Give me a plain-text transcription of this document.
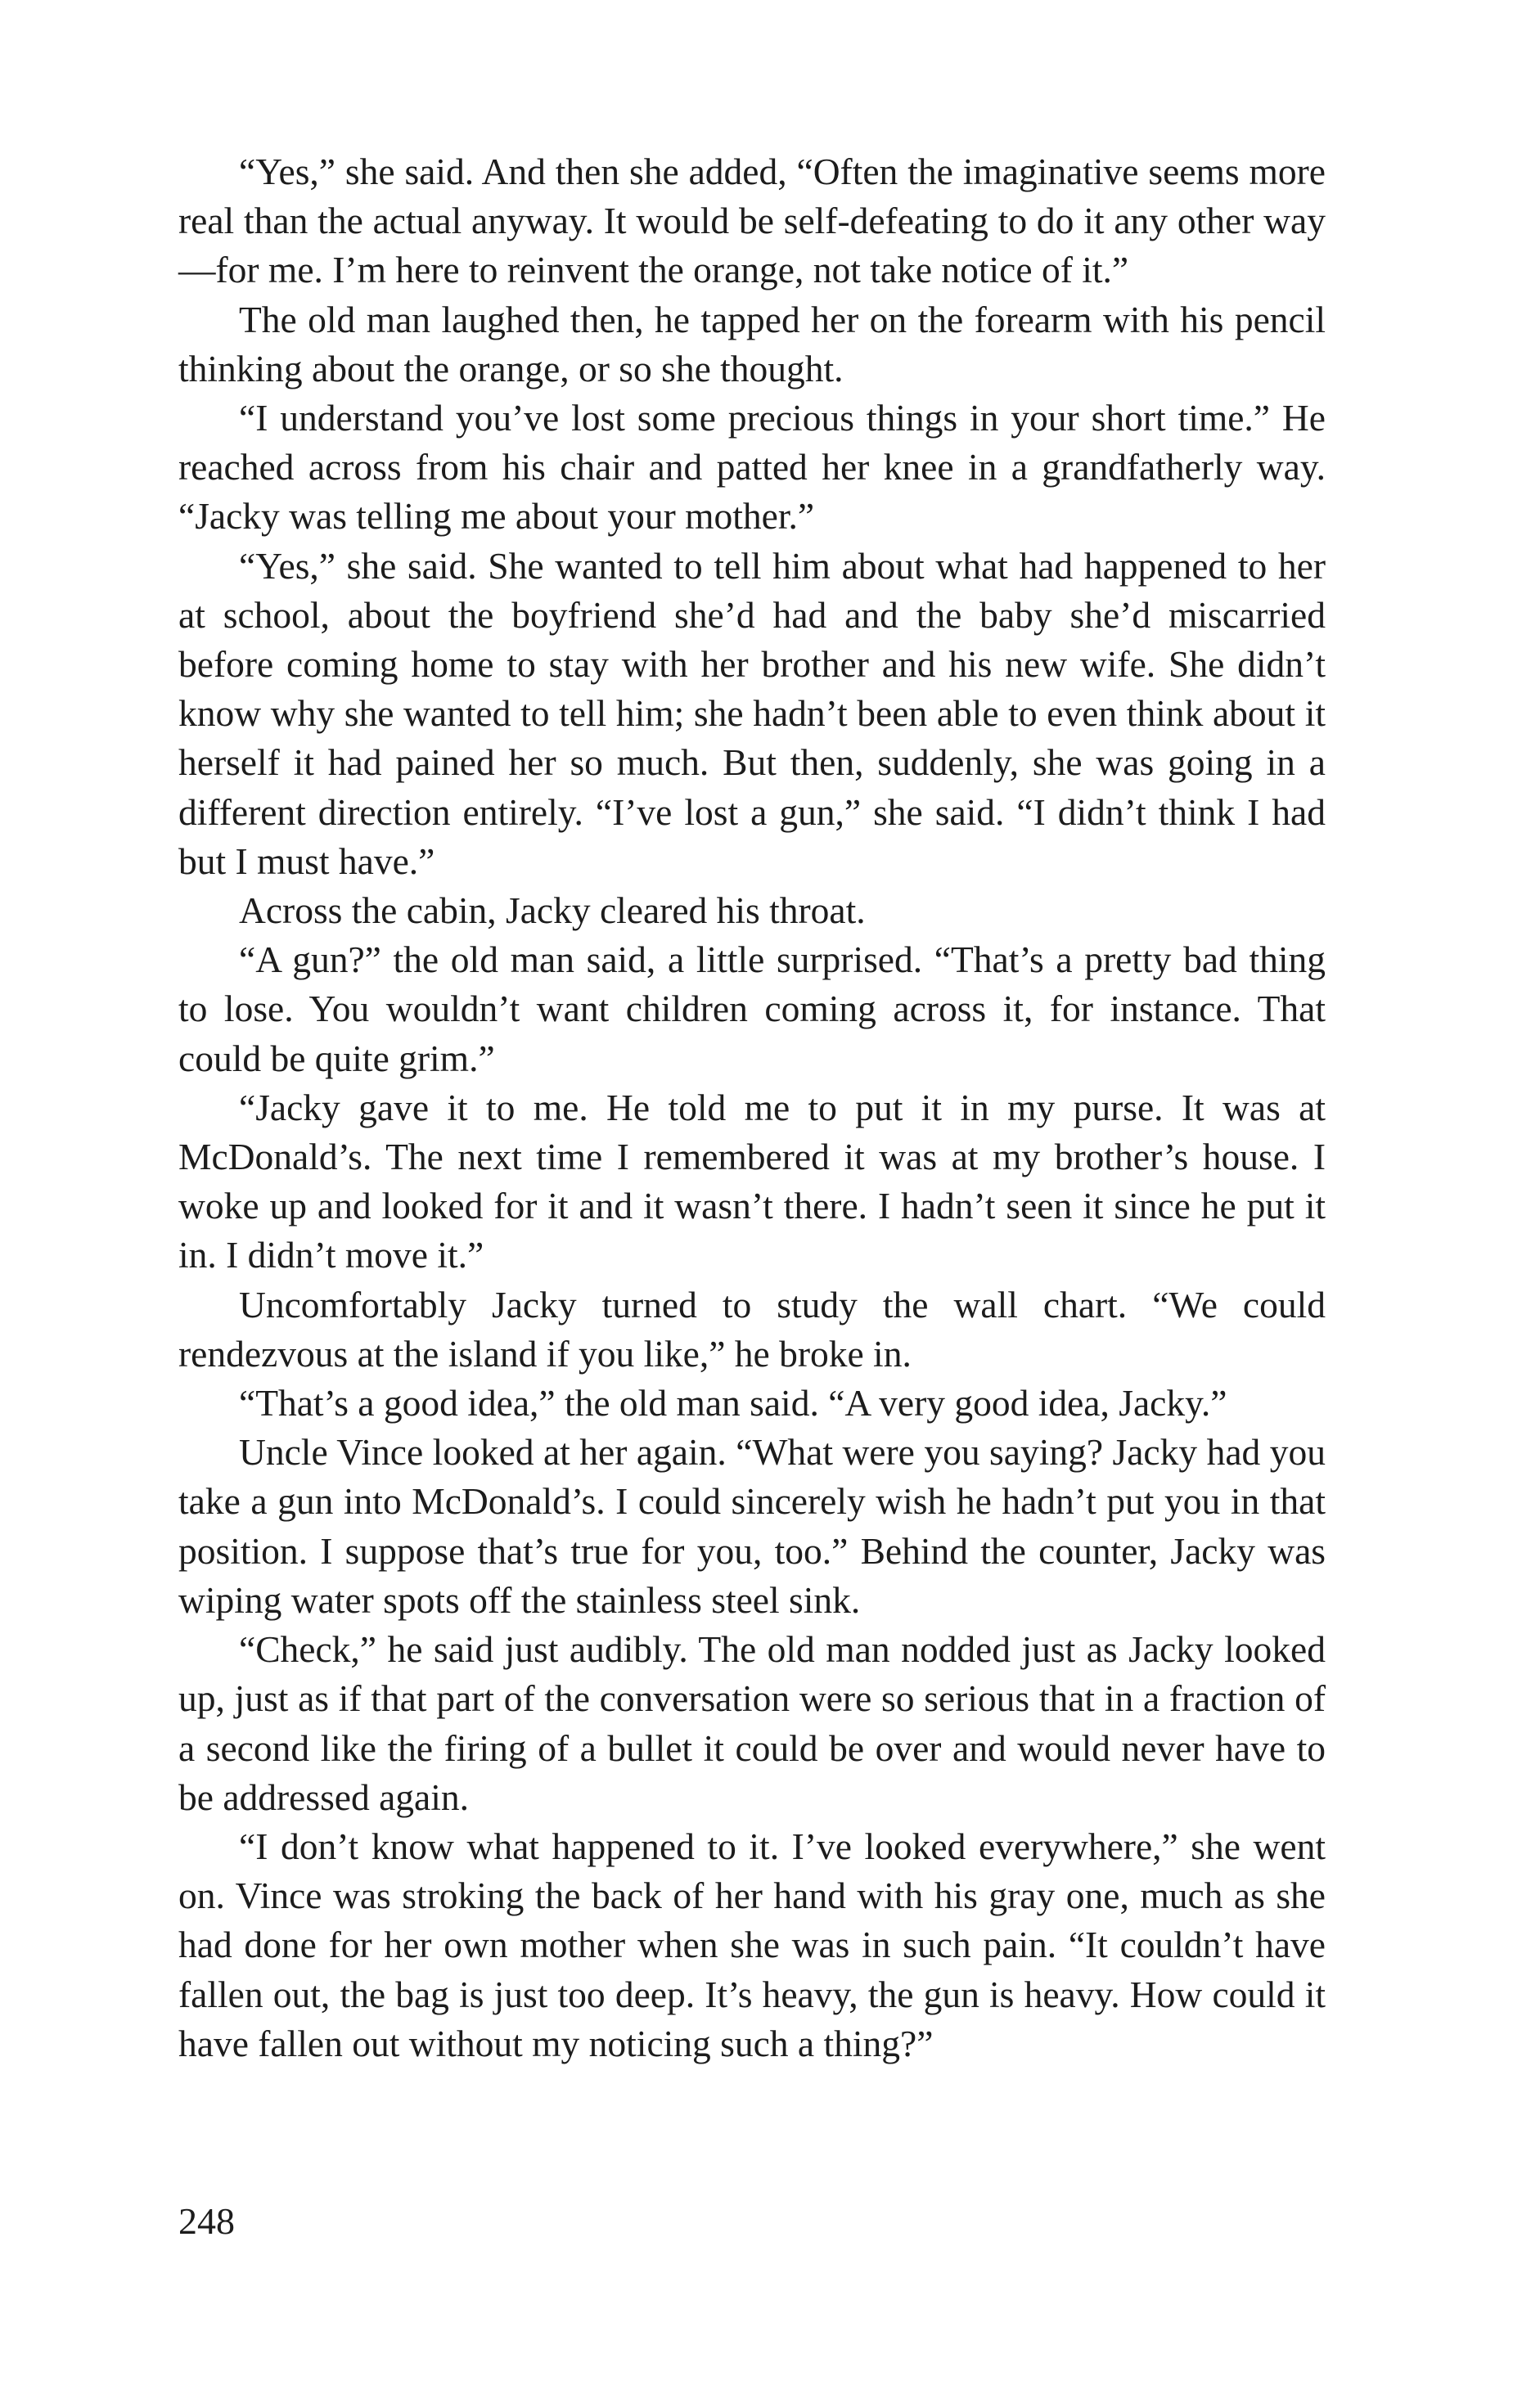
“Yes,” she said. And then she added, “Often the imaginative seems more real than the actual anyway. It would be self-defeating to do it any other way—for me. I’m here to reinvent the orange, not take notice of it.”

The old man laughed then, he tapped her on the forearm with his pencil thinking about the orange, or so she thought.

“I understand you’ve lost some precious things in your short time.” He reached across from his chair and patted her knee in a grandfatherly way. “Jacky was telling me about your mother.”

“Yes,” she said. She wanted to tell him about what had happened to her at school, about the boyfriend she’d had and the baby she’d miscarried before coming home to stay with her brother and his new wife. She didn’t know why she wanted to tell him; she hadn’t been able to even think about it herself it had pained her so much. But then, suddenly, she was going in a different direction entirely. “I’ve lost a gun,” she said. “I didn’t think I had but I must have.”

Across the cabin, Jacky cleared his throat.

“A gun?” the old man said, a little surprised. “That’s a pretty bad thing to lose. You wouldn’t want children coming across it, for instance. That could be quite grim.”

“Jacky gave it to me. He told me to put it in my purse. It was at McDonald’s. The next time I remembered it was at my brother’s house. I woke up and looked for it and it wasn’t there. I hadn’t seen it since he put it in. I didn’t move it.”

Uncomfortably Jacky turned to study the wall chart. “We could rendezvous at the island if you like,” he broke in.

“That’s a good idea,” the old man said. “A very good idea, Jacky.”

Uncle Vince looked at her again. “What were you saying? Jacky had you take a gun into McDonald’s. I could sincerely wish he hadn’t put you in that position. I suppose that’s true for you, too.” Behind the counter, Jacky was wiping water spots off the stainless steel sink.

“Check,” he said just audibly. The old man nodded just as Jacky looked up, just as if that part of the conversation were so serious that in a fraction of a second like the firing of a bullet it could be over and would never have to be addressed again.

“I don’t know what happened to it. I’ve looked everywhere,” she went on. Vince was stroking the back of her hand with his gray one, much as she had done for her own mother when she was in such pain. “It couldn’t have fallen out, the bag is just too deep. It’s heavy, the gun is heavy. How could it have fallen out without my noticing such a thing?”

248
